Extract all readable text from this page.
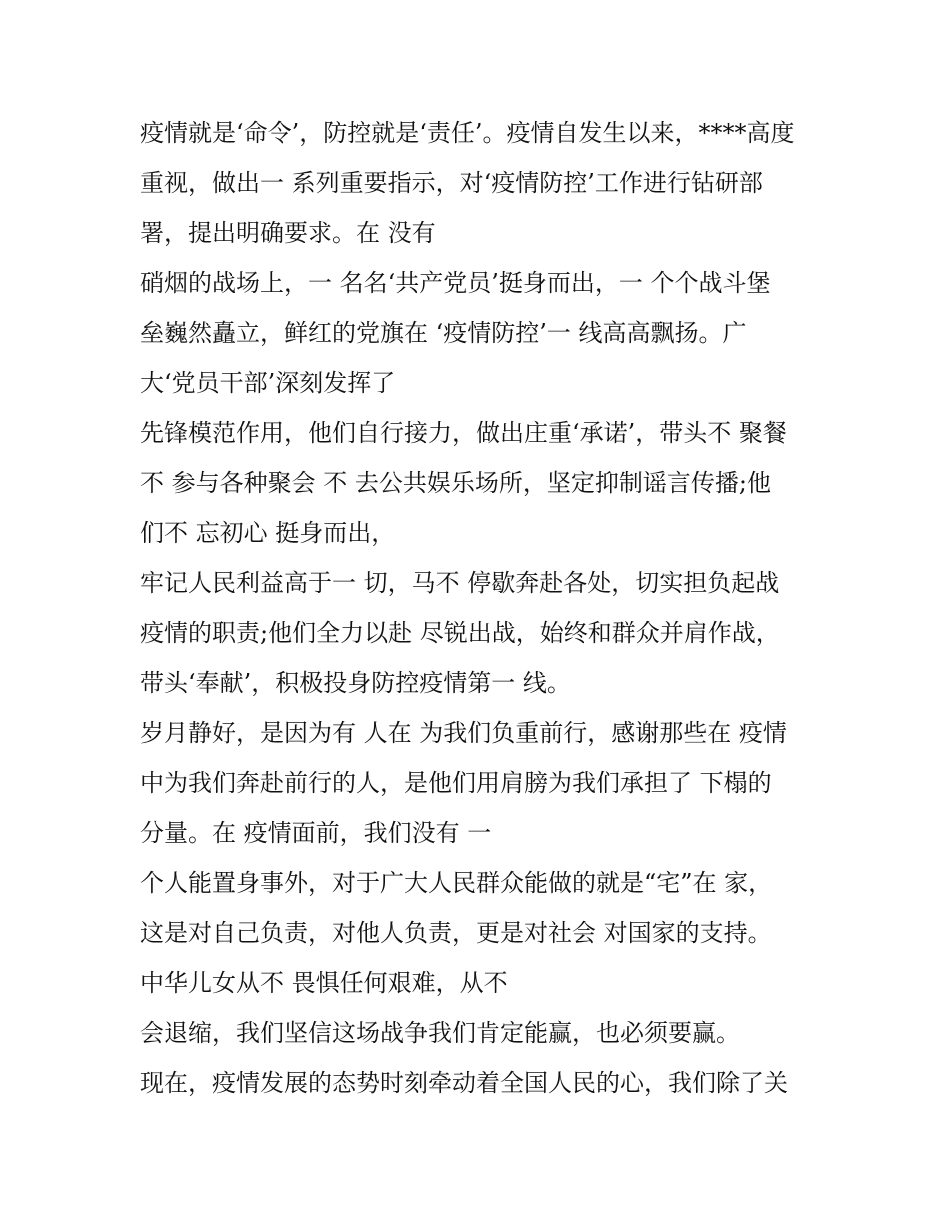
疫情就是‘命令’，防控就是‘责任’。疫情自发生以来，****高度
重视，做出一 系列重要指示，对‘疫情防控’工作进行钻研部
署，提出明确要求。在 没有
硝烟的战场上，一 名名‘共产党员’挺身而出，一 个个战斗堡
垒巍然矗立，鲜红的党旗在 ‘疫情防控’一 线高高飘扬。广
大‘党员干部’深刻发挥了
先锋模范作用，他们自行接力，做出庄重‘承诺’，带头不 聚餐
不 参与各种聚会 不 去公共娱乐场所，坚定抑制谣言传播;他
们不 忘初心 挺身而出，
牢记人民利益高于一 切，马不 停歇奔赴各处，切实担负起战
疫情的职责;他们全力以赴 尽锐出战，始终和群众并肩作战，
带头‘奉献’，积极投身防控疫情第一 线。
岁月静好，是因为有 人在 为我们负重前行，感谢那些在 疫情
中为我们奔赴前行的人，是他们用肩膀为我们承担了 下榻的
分量。在 疫情面前，我们没有 一
个人能置身事外，对于广大人民群众能做的就是“宅”在 家，
这是对自己负责，对他人负责，更是对社会 对国家的支持。
中华儿女从不 畏惧任何艰难，从不
会退缩，我们坚信这场战争我们肯定能赢，也必须要赢。
现在，疫情发展的态势时刻牵动着全国人民的心，我们除了关
